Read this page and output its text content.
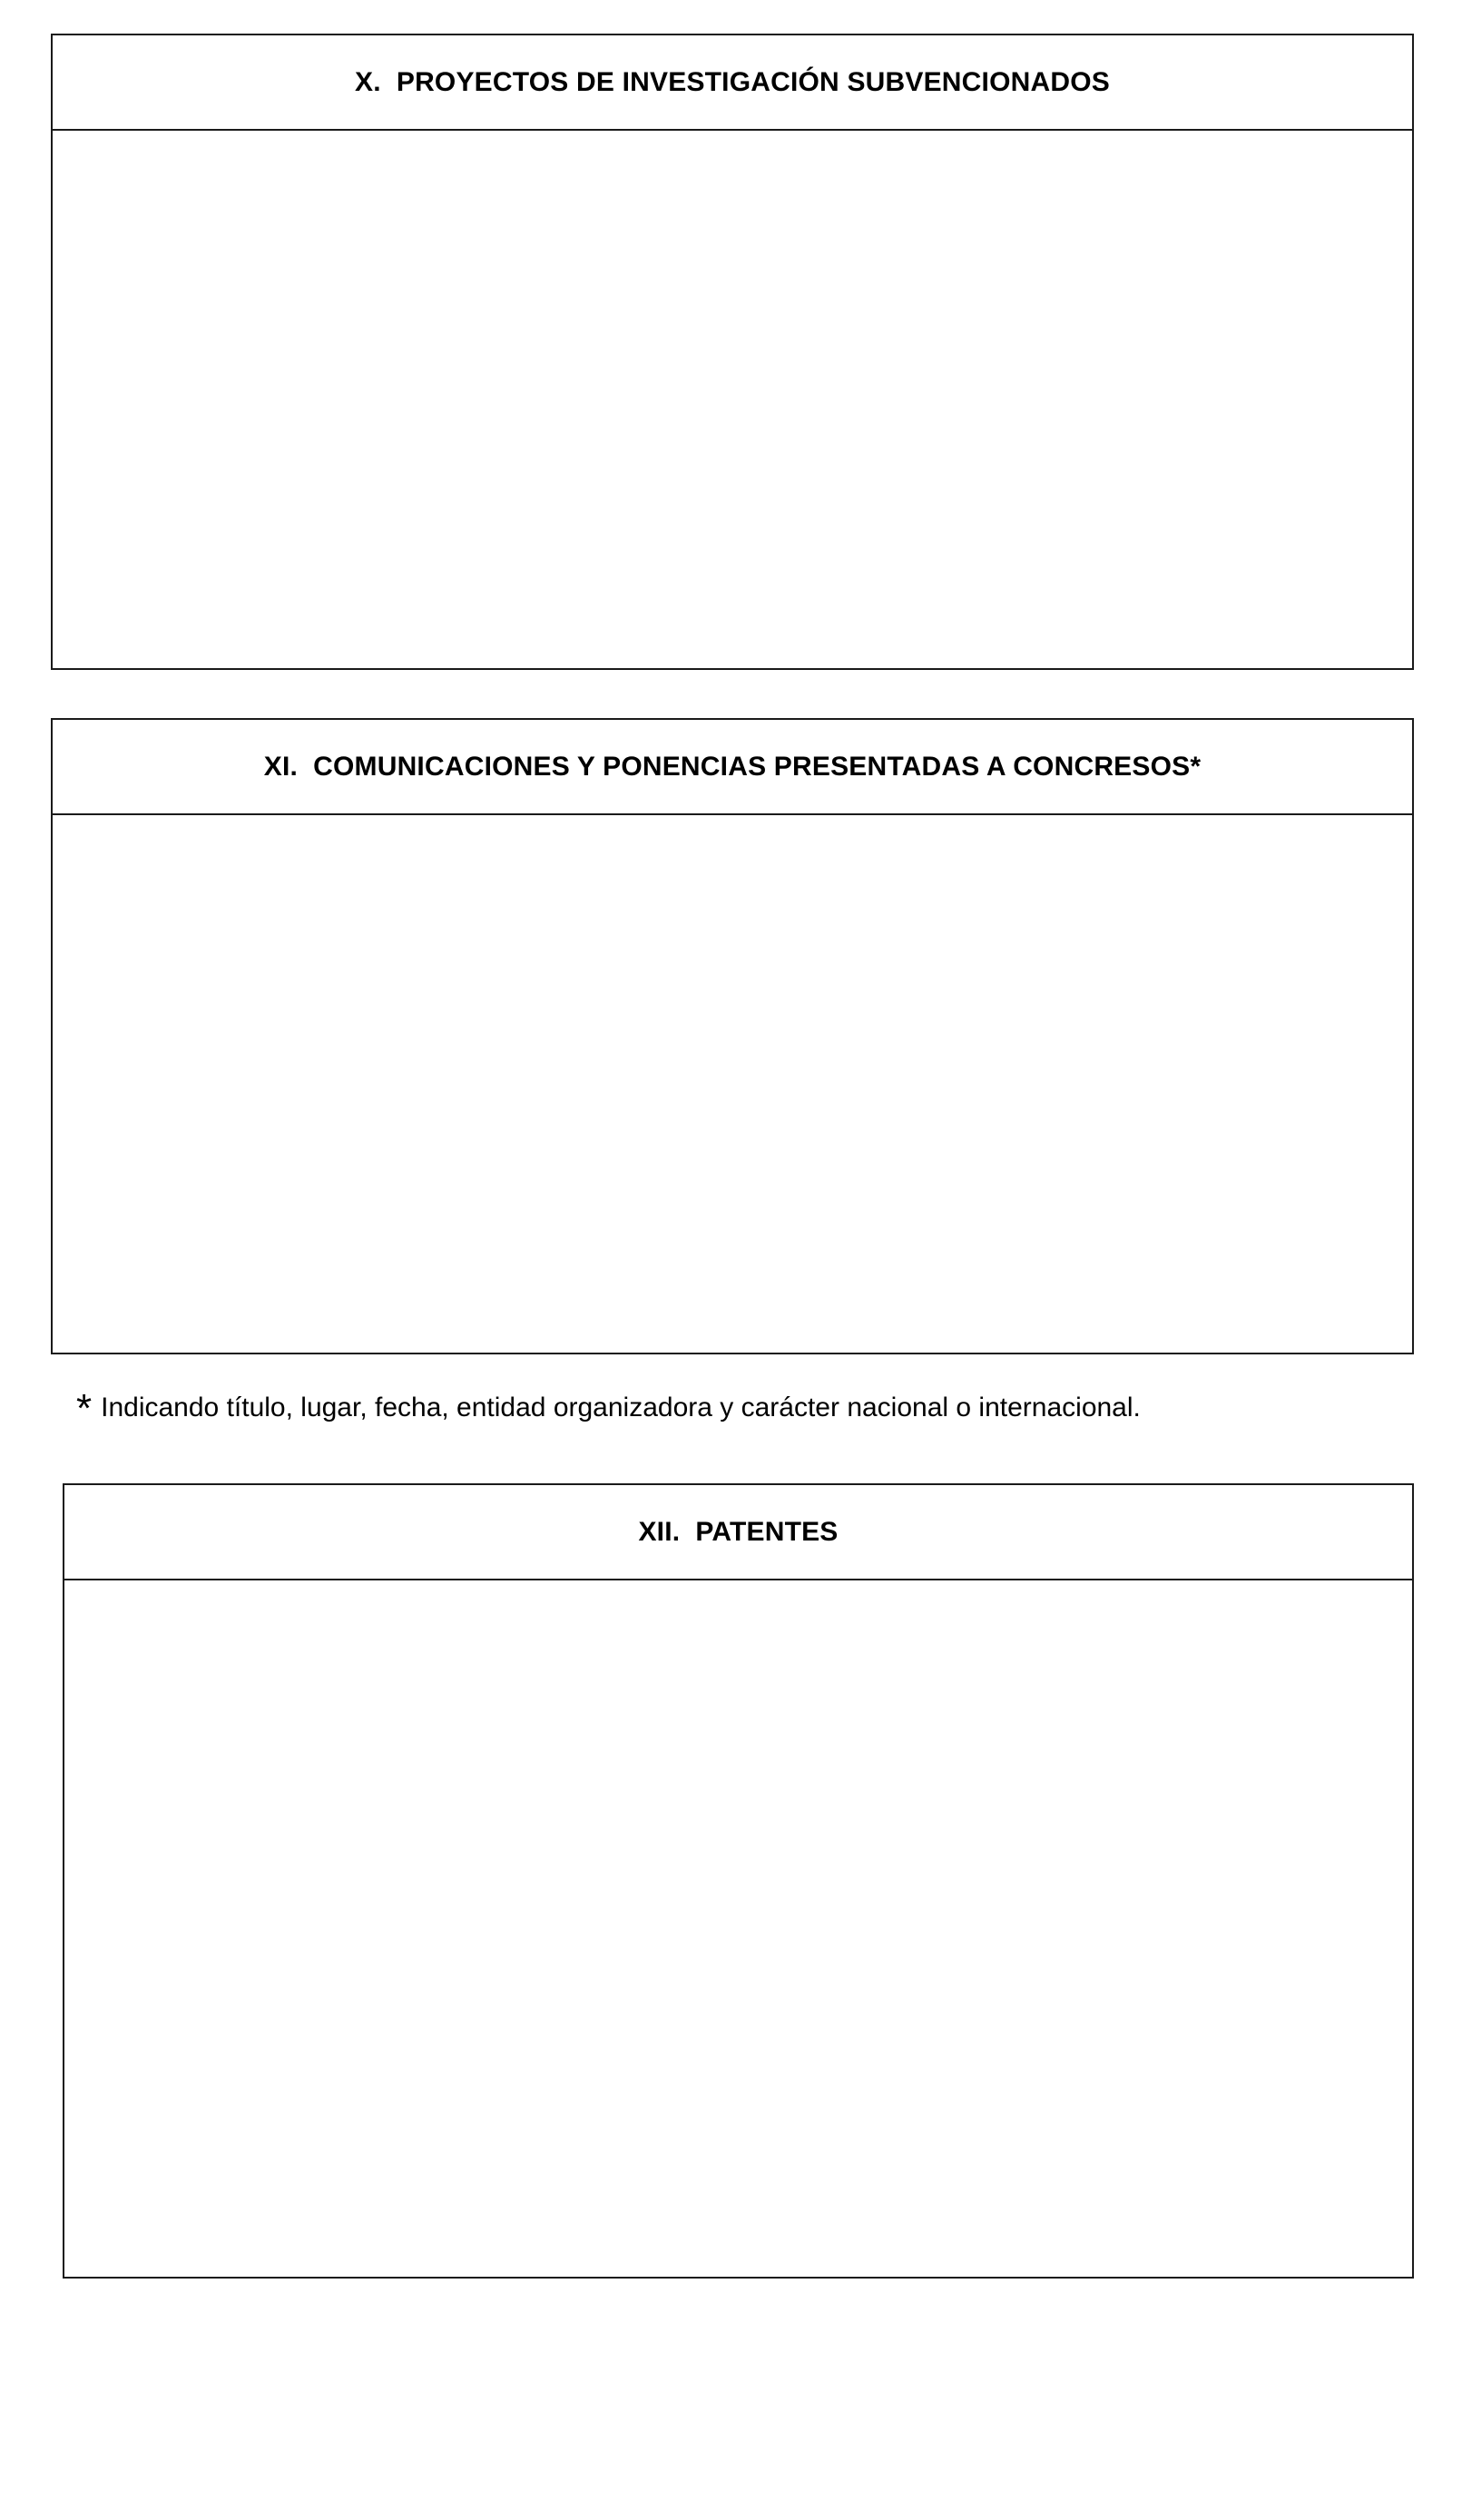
X.  PROYECTOS DE INVESTIGACIÓN SUBVENCIONADOS
XI.  COMUNICACIONES Y PONENCIAS PRESENTADAS A CONCRESOS*
* Indicando título, lugar, fecha, entidad organizadora y carácter nacional o internacional.
XII.  PATENTES
